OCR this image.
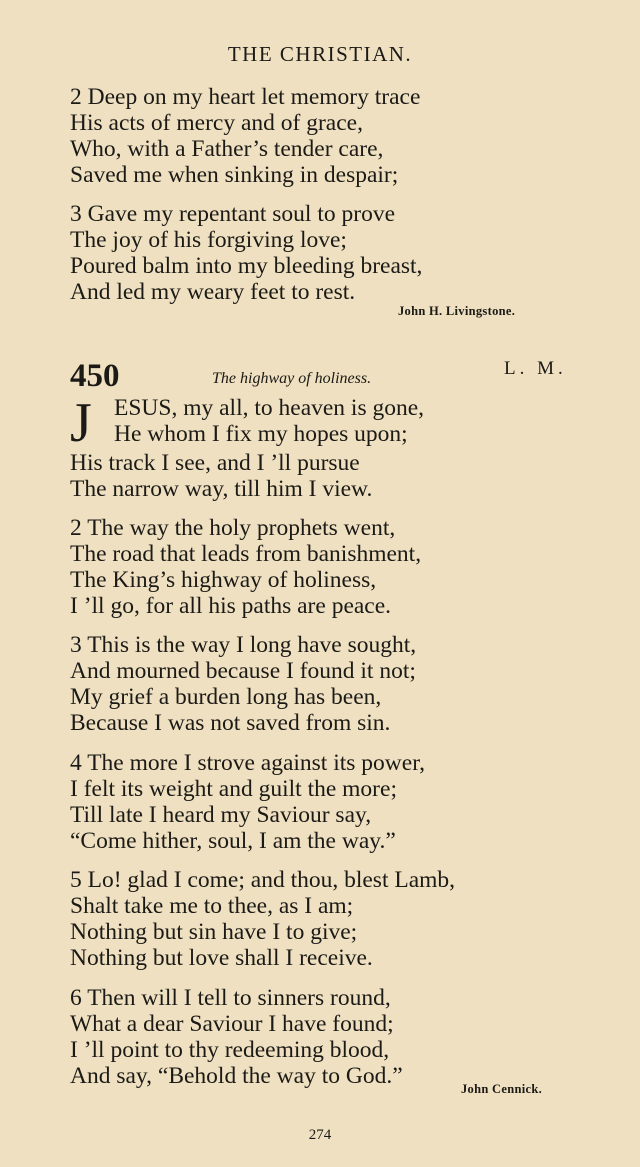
THE CHRISTIAN.
2 Deep on my heart let memory trace
His acts of mercy and of grace,
Who, with a Father’s tender care,
Saved me when sinking in despair;
3 Gave my repentant soul to prove
The joy of his forgiving love;
Poured balm into my bleeding breast,
And led my weary feet to rest.
John H. Livingstone.
450	The highway of holiness.	L. M.
J ESUS, my all, to heaven is gone,
He whom I fix my hopes upon;
His track I see, and I ’ll pursue
The narrow way, till him I view.
2 The way the holy prophets went,
The road that leads from banishment,
The King’s highway of holiness,
I ’ll go, for all his paths are peace.
3 This is the way I long have sought,
And mourned because I found it not;
My grief a burden long has been,
Because I was not saved from sin.
4 The more I strove against its power,
I felt its weight and guilt the more;
Till late I heard my Saviour say,
“Come hither, soul, I am the way.”
5 Lo! glad I come; and thou, blest Lamb,
Shalt take me to thee, as I am;
Nothing but sin have I to give;
Nothing but love shall I receive.
6 Then will I tell to sinners round,
What a dear Saviour I have found;
I ’ll point to thy redeeming blood,
And say, “Behold the way to God.”	John Cennick.
274
